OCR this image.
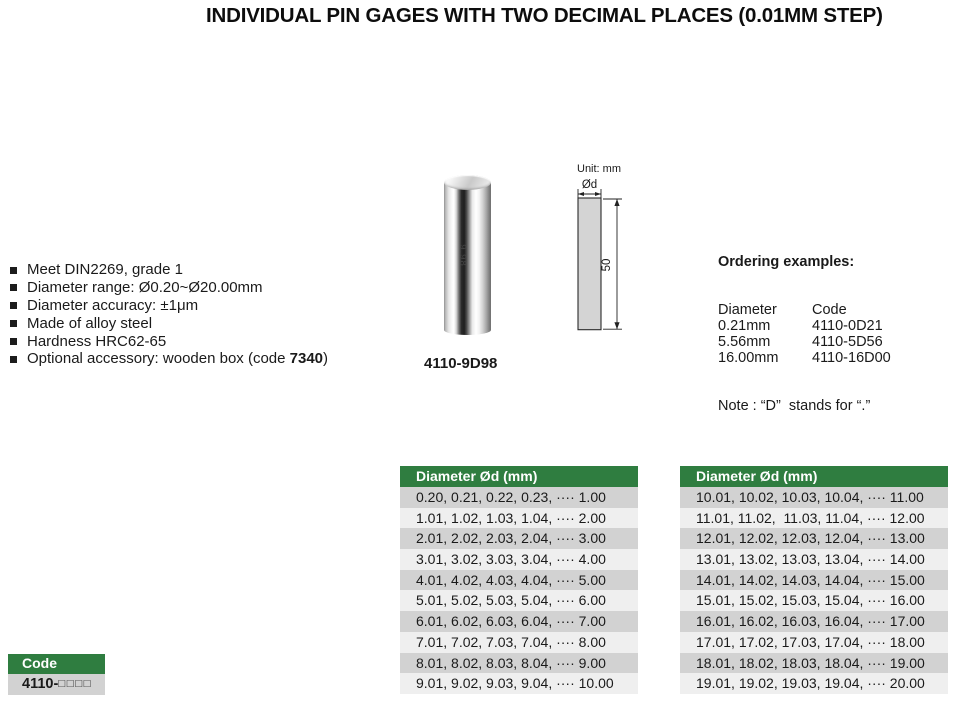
INDIVIDUAL PIN GAGES WITH TWO DECIMAL PLACES (0.01MM STEP)
Meet DIN2269, grade 1
Diameter range: Ø0.20~Ø20.00mm
Diameter accuracy: ±1μm
Made of alloy steel
Hardness HRC62-65
Optional accessory: wooden box (code 7340)
9.98
4110-9D98
Unit: mm
Ød
50

	Ordering examples:

Diameter	Code
0.21mm	4110-0D21
5.56mm	4110-5D56
16.00mm	4110-16D00

Note : “D”  stands for “.”

Diameter Ød (mm)
0.20, 0.21, 0.22, 0.23, ···· 1.00
1.01, 1.02, 1.03, 1.04, ···· 2.00
2.01, 2.02, 2.03, 2.04, ···· 3.00
3.01, 3.02, 3.03, 3.04, ···· 4.00
4.01, 4.02, 4.03, 4.04, ···· 5.00
5.01, 5.02, 5.03, 5.04, ···· 6.00
6.01, 6.02, 6.03, 6.04, ···· 7.00
7.01, 7.02, 7.03, 7.04, ···· 8.00
8.01, 8.02, 8.03, 8.04, ···· 9.00
9.01, 9.02, 9.03, 9.04, ···· 10.00
Diameter Ød (mm)
10.01, 10.02, 10.03, 10.04, ···· 11.00
11.01, 11.02,  11.03, 11.04, ···· 12.00
12.01, 12.02, 12.03, 12.04, ···· 13.00
13.01, 13.02, 13.03, 13.04, ···· 14.00
14.01, 14.02, 14.03, 14.04, ···· 15.00
15.01, 15.02, 15.03, 15.04, ···· 16.00
16.01, 16.02, 16.03, 16.04, ···· 17.00
17.01, 17.02, 17.03, 17.04, ···· 18.00
18.01, 18.02, 18.03, 18.04, ···· 19.00
19.01, 19.02, 19.03, 19.04, ···· 20.00
Code
4110-□□□□
